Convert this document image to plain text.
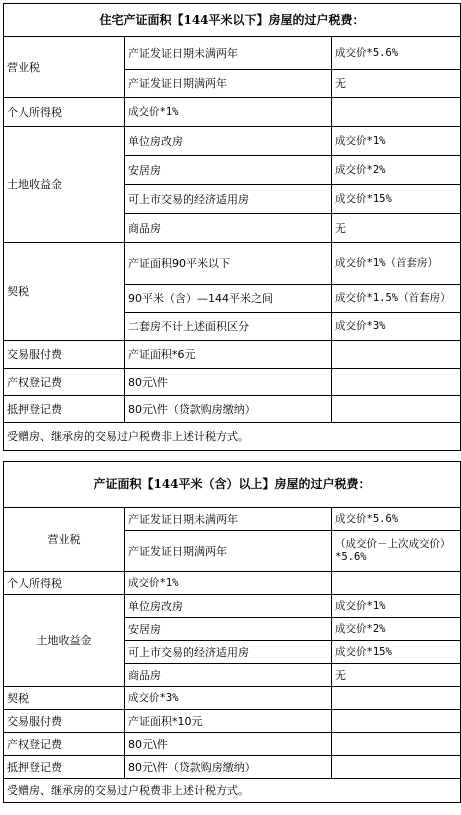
住宅产证面积【144平米以下】房屋的过户税费：		
营业税	产证发证日期未满两年	成交价*5.6%
	产证发证日期满两年	无
个人所得税	成交价*1%	
土地收益金	单位房改房	成交价*1%
	安居房	成交价*2%
	可上市交易的经济适用房	成交价*15%
	商品房	无
契税	产证面积90平米以下	成交价*1%（首套房）
	90平米（含）—144平米之间	成交价*1.5%（首套房）
	二套房不计上述面积区分	成交价*3%
交易服付费	产证面积*6元	
产权登记费	80元\件	
抵押登记费	80元\件（贷款购房缴纳）	
受赠房、继承房的交易过户税费非上述计税方式。		
产证面积【144平米（含）以上】房屋的过户税费：		
营业税	产证发证日期未满两年	成交价*5.6%
	产证发证日期满两年	（成交价－上次成交价）*5.6%
个人所得税	成交价*1%	
土地收益金	单位房改房	成交价*1%
	安居房	成交价*2%
	可上市交易的经济适用房	成交价*15%
	商品房	无
契税	成交价*3%	
交易服付费	产证面积*10元	
产权登记费	80元\件	
抵押登记费	80元\件（贷款购房缴纳）	
受赠房、继承房的交易过户税费非上述计税方式。		
